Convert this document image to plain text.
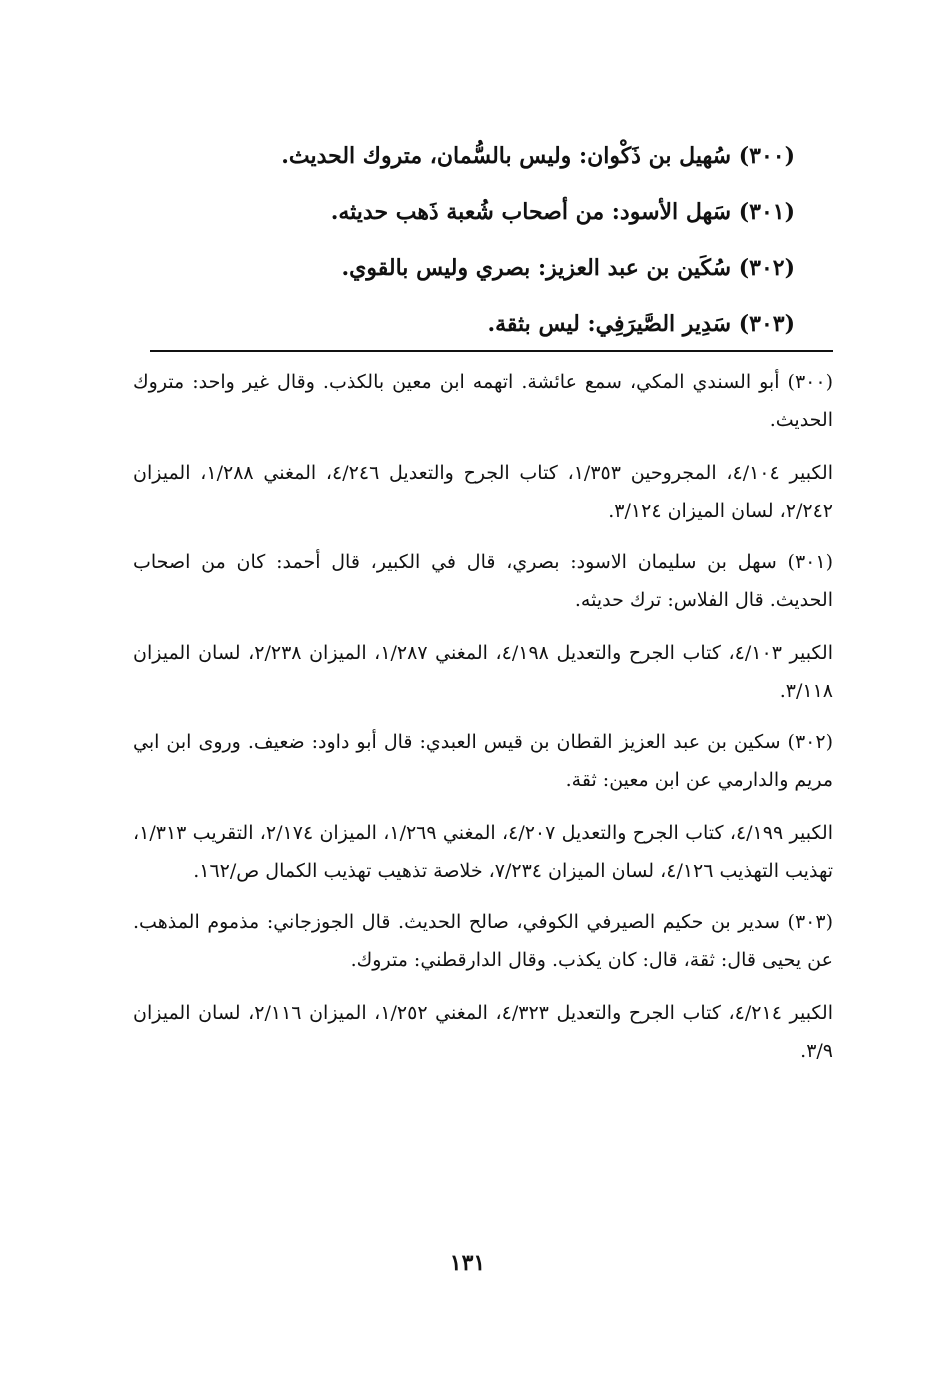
(٣٠٠) سُهيل بن ذَكْوان: وليس بالسُّمان، متروك الحديث.
(٣٠١) سَهل الأسود: من أصحاب شُعبة ذَهب حديثه.
(٣٠٢) سُكَين بن عبد العزيز: بصري وليس بالقوي.
(٣٠٣) سَدِير الصَّيرَفِي: ليس بثقة.

(٣٠٠) أبو السندي المكي، سمع عائشة. اتهمه ابن معين بالكذب. وقال غير واحد: متروك الحديث.

الكبير ٤/١٠٤، المجروحين ١/٣٥٣، كتاب الجرح والتعديل ٤/٢٤٦، المغني ١/٢٨٨، الميزان ٢/٢٤٢، لسان الميزان ٣/١٢٤.

(٣٠١) سهل بن سليمان الاسود: بصري، قال في الكبير، قال أحمد: كان من اصحاب الحديث. قال الفلاس: ترك حديثه.

الكبير ٤/١٠٣، كتاب الجرح والتعديل ٤/١٩٨، المغني ١/٢٨٧، الميزان ٢/٢٣٨، لسان الميزان ٣/١١٨.

(٣٠٢) سكين بن عبد العزيز القطان بن قيس العبدي: قال أبو داود: ضعيف. وروى ابن ابي مريم والدارمي عن ابن معين: ثقة.

الكبير ٤/١٩٩، كتاب الجرح والتعديل ٤/٢٠٧، المغني ١/٢٦٩، الميزان ٢/١٧٤، التقريب ١/٣١٣، تهذيب التهذيب ٤/١٢٦، لسان الميزان ٧/٢٣٤، خلاصة تذهيب تهذيب الكمال ص/١٦٢.

(٣٠٣) سدير بن حكيم الصيرفي الكوفي، صالح الحديث. قال الجوزجاني: مذموم المذهب. عن يحيى قال: ثقة، قال: كان يكذب. وقال الدارقطني: متروك.

الكبير ٤/٢١٤، كتاب الجرح والتعديل ٤/٣٢٣، المغني ١/٢٥٢، الميزان ٢/١١٦، لسان الميزان ٣/٩.

١٣١
